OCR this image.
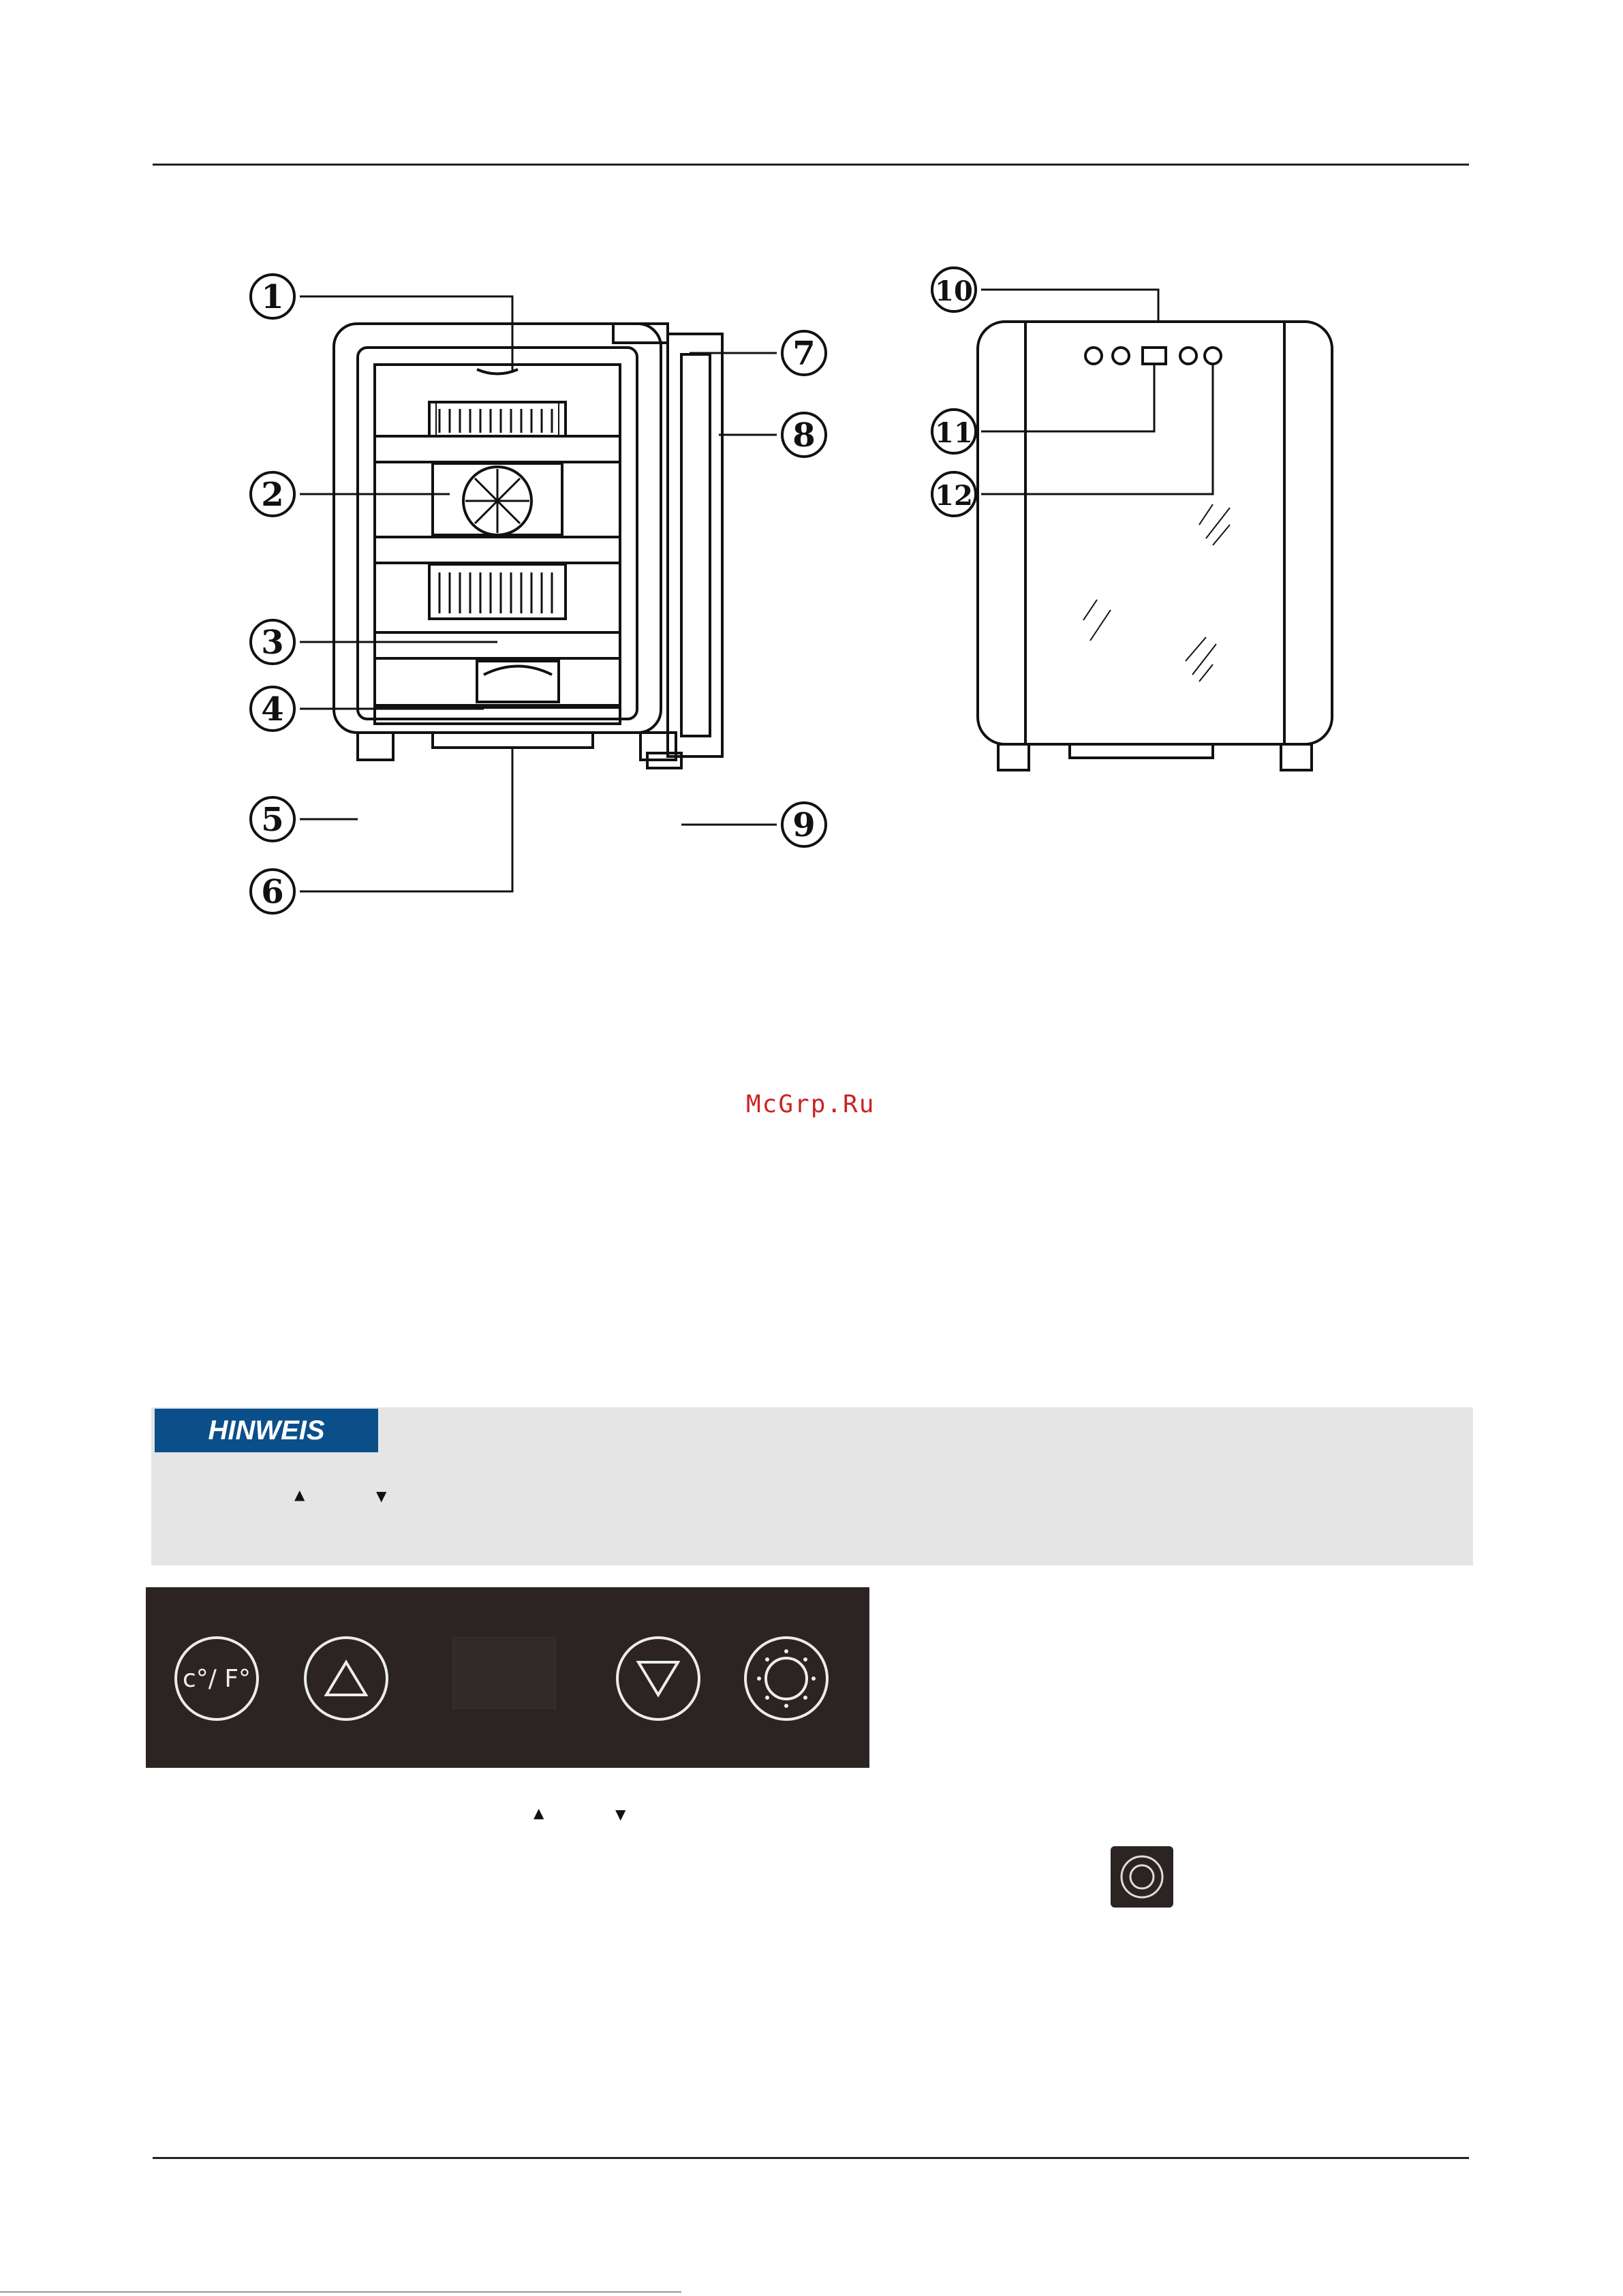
1
2
3
4
5
6
7
8
9
10
11
12
McGrp.Ru
HINWEIS
▲	▼
c°/ F°
▲	▼
